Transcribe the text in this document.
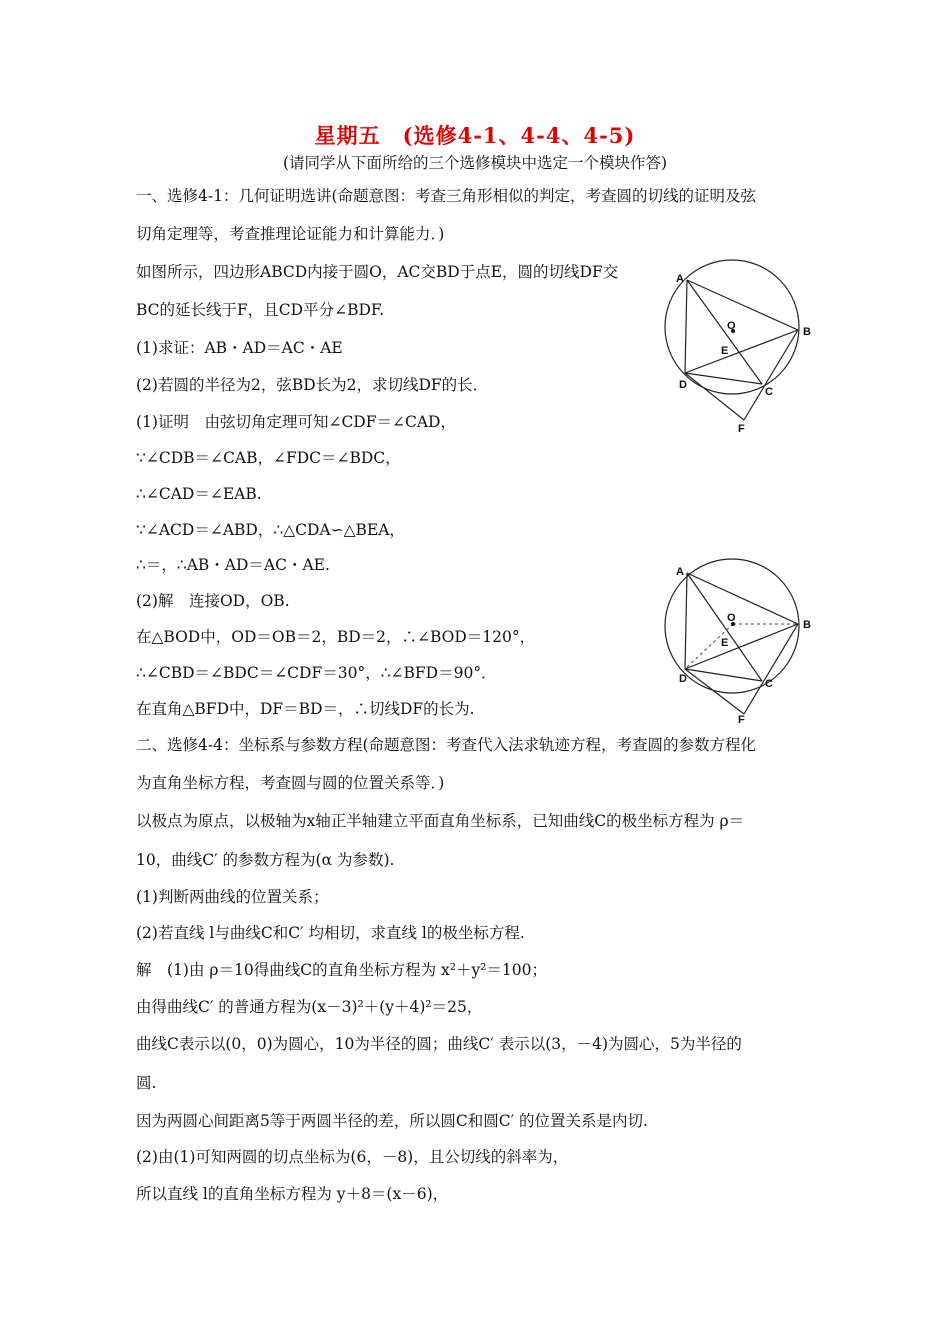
星期五　(选修4-1、4-4、4-5)
(请同学从下面所给的三个选修模块中选定一个模块作答)
一、选修4-1：几何证明选讲(命题意图：考查三角形相似的判定，考查圆的切线的证明及弦
切角定理等，考查推理论证能力和计算能力．)
如图所示，四边形ABCD内接于圆O，AC交BD于点E，圆的切线DF交
BC的延长线于F，且CD平分∠BDF.
(1)求证：AB・AD＝AC・AE
(2)若圆的半径为2，弦BD长为2，求切线DF的长．
(1)证明　由弦切角定理可知∠CDF＝∠CAD，
∵∠CDB＝∠CAB，∠FDC＝∠BDC，
∴∠CAD＝∠EAB.
∵∠ACD＝∠ABD，∴△CDA∽△BEA，
∴＝，∴AB・AD＝AC・AE.
(2)解　连接OD，OB.
在△BOD中，OD＝OB＝2，BD＝2，∴∠BOD＝120°，
∴∠CBD＝∠BDC＝∠CDF＝30°，∴∠BFD＝90°．
在直角△BFD中，DF＝BD＝，∴切线DF的长为.
二、选修4-4：坐标系与参数方程(命题意图：考查代入法求轨迹方程，考查圆的参数方程化
为直角坐标方程，考查圆与圆的位置关系等．)
以极点为原点，以极轴为x轴正半轴建立平面直角坐标系，已知曲线C的极坐标方程为 ρ＝
10，曲线C′ 的参数方程为(α 为参数).
(1)判断两曲线的位置关系；
(2)若直线 l与曲线C和C′ 均相切，求直线 l的极坐标方程.
解　(1)由 ρ＝10得曲线C的直角坐标方程为 x²＋y²＝100；
由得曲线C′ 的普通方程为(x－3)²＋(y＋4)²＝25，
曲线C表示以(0，0)为圆心，10为半径的圆；曲线C′ 表示以(3，－4)为圆心，5为半径的
圆.
因为两圆心间距离5等于两圆半径的差，所以圆C和圆C′ 的位置关系是内切.
(2)由(1)可知两圆的切点坐标为(6，－8)，且公切线的斜率为，
所以直线 l的直角坐标方程为 y＋8＝(x－6)，
A
B
C
D
E
F
O
A
B
C
D
E
F
O
